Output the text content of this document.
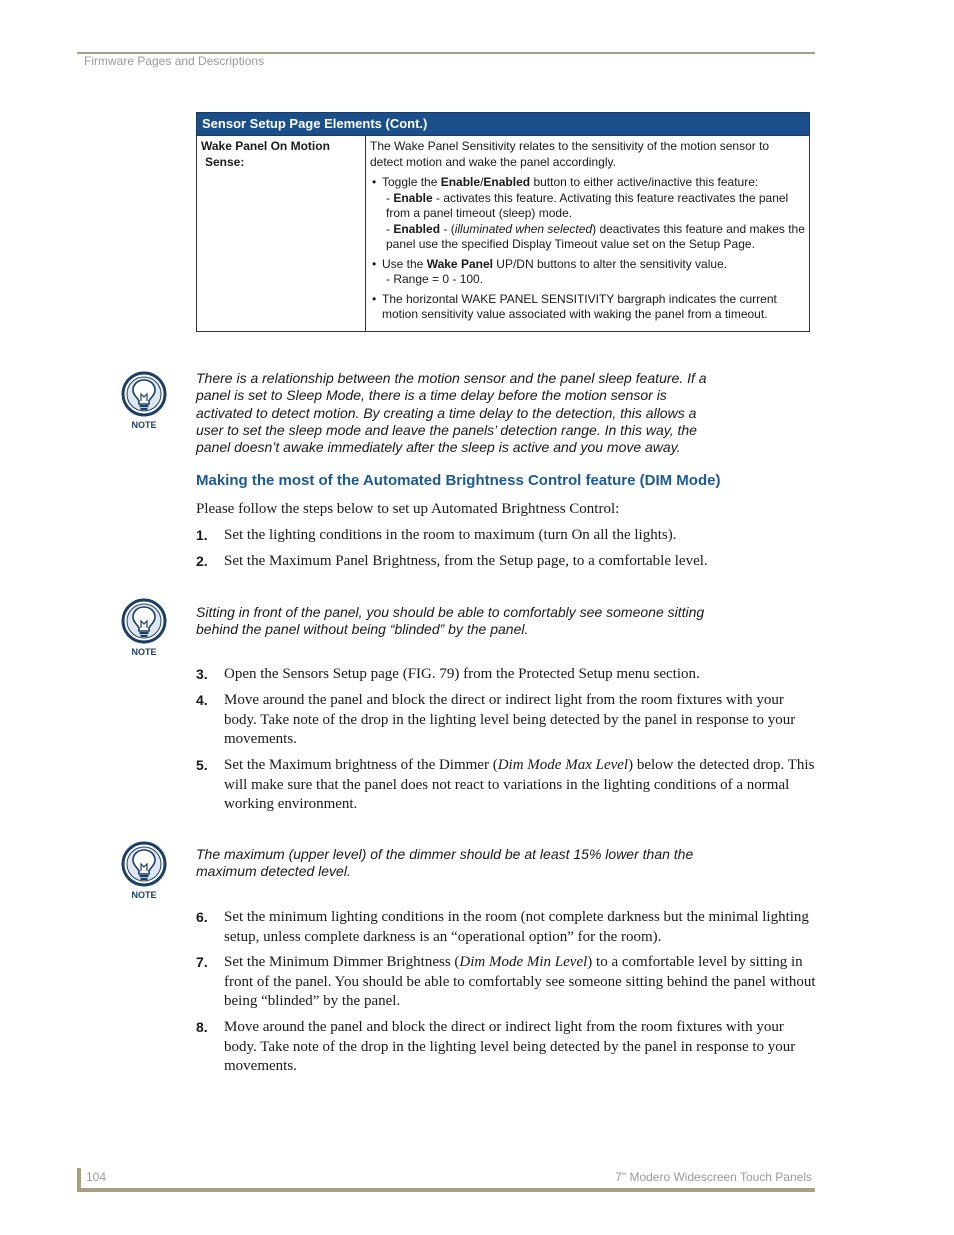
Firmware Pages and Descriptions
Sensor Setup Page Elements (Cont.)
Wake Panel On Motion
Sense:

The Wake Panel Sensitivity relates to the sensitivity of the motion sensor to detect motion and wake the panel accordingly.

• Toggle the Enable/Enabled button to either active/inactive this feature:
- Enable - activates this feature. Activating this feature reactivates the panel from a panel timeout (sleep) mode.
- Enabled - (illuminated when selected) deactivates this feature and makes the panel use the specified Display Timeout value set on the Setup Page.
• Use the Wake Panel UP/DN buttons to alter the sensitivity value.
- Range = 0 - 100.
• The horizontal WAKE PANEL SENSITIVITY bargraph indicates the current motion sensitivity value associated with waking the panel from a timeout.
NOTE
There is a relationship between the motion sensor and the panel sleep feature. If a panel is set to Sleep Mode, there is a time delay before the motion sensor is activated to detect motion. By creating a time delay to the detection, this allows a user to set the sleep mode and leave the panels’ detection range. In this way, the panel doesn’t awake immediately after the sleep is active and you move away.
Making the most of the Automated Brightness Control feature (DIM Mode)
Please follow the steps below to set up Automated Brightness Control:
1. Set the lighting conditions in the room to maximum (turn On all the lights).
2. Set the Maximum Panel Brightness, from the Setup page, to a comfortable level.
NOTE
Sitting in front of the panel, you should be able to comfortably see someone sitting behind the panel without being “blinded” by the panel.
3. Open the Sensors Setup page (FIG. 79) from the Protected Setup menu section.
4. Move around the panel and block the direct or indirect light from the room fixtures with your body. Take note of the drop in the lighting level being detected by the panel in response to your movements.
5. Set the Maximum brightness of the Dimmer (Dim Mode Max Level) below the detected drop. This will make sure that the panel does not react to variations in the lighting conditions of a normal working environment.
NOTE
The maximum (upper level) of the dimmer should be at least 15% lower than the maximum detected level.
6. Set the minimum lighting conditions in the room (not complete darkness but the minimal lighting setup, unless complete darkness is an “operational option” for the room).
7. Set the Minimum Dimmer Brightness (Dim Mode Min Level) to a comfortable level by sitting in front of the panel. You should be able to comfortably see someone sitting behind the panel without being “blinded” by the panel.
8. Move around the panel and block the direct or indirect light from the room fixtures with your body. Take note of the drop in the lighting level being detected by the panel in response to your movements.
104	7" Modero Widescreen Touch Panels
